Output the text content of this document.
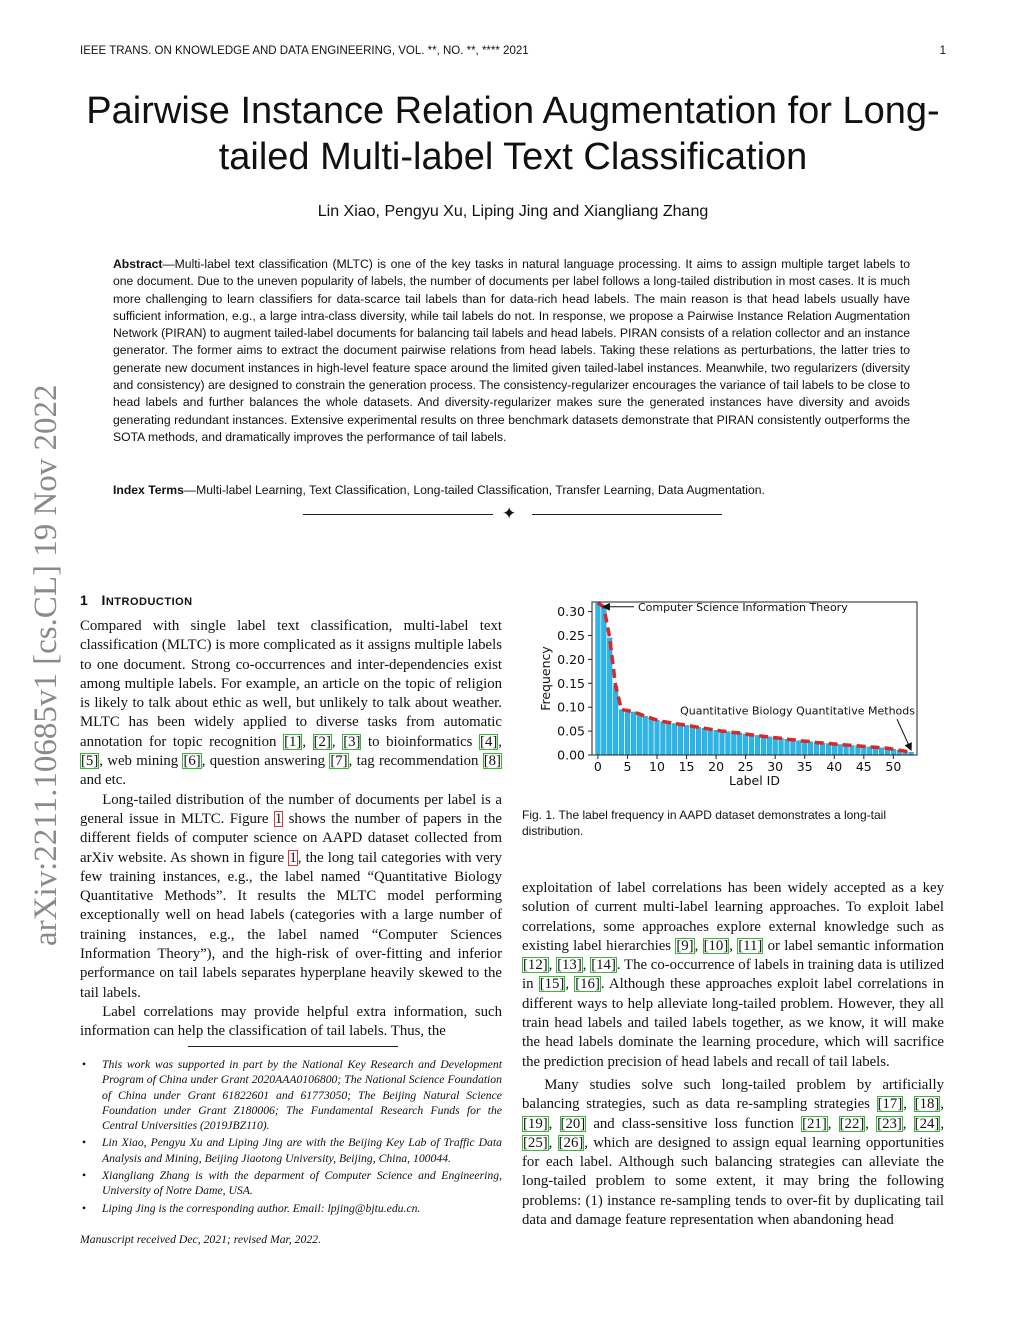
IEEE TRANS. ON KNOWLEDGE AND DATA ENGINEERING, VOL. **, NO. **, **** 2021	1
arXiv:2211.10685v1 [cs.CL] 19 Nov 2022
Pairwise Instance Relation Augmentation for Long-tailed Multi-label Text Classification
Lin Xiao, Pengyu Xu, Liping Jing and Xiangliang Zhang

Abstract—Multi-label text classification (MLTC) is one of the key tasks in natural language processing. It aims to assign multiple target labels to one document. Due to the uneven popularity of labels, the number of documents per label follows a long-tailed distribution in most cases. It is much more challenging to learn classifiers for data-scarce tail labels than for data-rich head labels. The main reason is that head labels usually have sufficient information, e.g., a large intra-class diversity, while tail labels do not. In response, we propose a Pairwise Instance Relation Augmentation Network (PIRAN) to augment tailed-label documents for balancing tail labels and head labels. PIRAN consists of a relation collector and an instance generator. The former aims to extract the document pairwise relations from head labels. Taking these relations as perturbations, the latter tries to generate new document instances in high-level feature space around the limited given tailed-label instances. Meanwhile, two regularizers (diversity and consistency) are designed to constrain the generation process. The consistency-regularizer encourages the variance of tail labels to be close to head labels and further balances the whole datasets. And diversity-regularizer makes sure the generated instances have diversity and avoids generating redundant instances. Extensive experimental results on three benchmark datasets demonstrate that PIRAN consistently outperforms the SOTA methods, and dramatically improves the performance of tail labels.

Index Terms—Multi-label Learning, Text Classification, Long-tailed Classification, Transfer Learning, Data Augmentation.

✦
1 INTRODUCTION

Compared with single label text classification, multi-label text classification (MLTC) is more complicated as it assigns multiple labels to one document. Strong co-occurrences and inter-dependencies exist among multiple labels. For example, an article on the topic of religion is likely to talk about ethic as well, but unlikely to talk about weather. MLTC has been widely applied to diverse tasks from automatic annotation for topic recognition [1], [2], [3] to bioinformatics [4], [5], web mining [6], question answering [7], tag recommendation [8] and etc.

Long-tailed distribution of the number of documents per label is a general issue in MLTC. Figure 1 shows the number of papers in the different fields of computer science on AAPD dataset collected from arXiv website. As shown in figure 1, the long tail categories with very few training instances, e.g., the label named “Quantitative Biology Quantitative Methods”. It results the MLTC model performing exceptionally well on head labels (categories with a large number of training instances, e.g., the label named “Computer Sciences Information Theory”), and the high-risk of over-fitting and inferior performance on tail labels separates hyperplane heavily skewed to the tail labels.

Label correlations may provide helpful extra information, such information can help the classification of tail labels. Thus, the

• This work was supported in part by the National Key Research and Development Program of China under Grant 2020AAA0106800; The National Science Foundation of China under Grant 61822601 and 61773050; The Beijing Natural Science Foundation under Grant Z180006; The Fundamental Research Funds for the Central Universities (2019JBZ110).
• Lin Xiao, Pengyu Xu and Liping Jing are with the Beijing Key Lab of Traffic Data Analysis and Mining, Beijing Jiaotong University, Beijing, China, 100044.
• Xiangliang Zhang is with the deparment of Computer Science and Engineering, University of Notre Dame, USA.
• Liping Jing is the corresponding author. Email: lpjing@bjtu.edu.cn.
Manuscript received Dec, 2021; revised Mar, 2022.
0.00
0.05
0.10
0.15
0.20
0.25
0.30
0 5 10 15 20 25 30 35 40 45 50
Label ID
Frequency
Computer Science Information Theory
Quantitative Biology Quantitative Methods

Fig. 1. The label frequency in AAPD dataset demonstrates a long-tail distribution.

exploitation of label correlations has been widely accepted as a key solution of current multi-label learning approaches. To exploit label correlations, some approaches explore external knowledge such as existing label hierarchies [9], [10], [11] or label semantic information [12], [13], [14]. The co-occurrence of labels in training data is utilized in [15], [16]. Although these approaches exploit label correlations in different ways to help alleviate long-tailed problem. However, they all train head labels and tailed labels together, as we know, it will make the head labels dominate the learning procedure, which will sacrifice the prediction precision of head labels and recall of tail labels.

Many studies solve such long-tailed problem by artificially balancing strategies, such as data re-sampling strategies [17], [18], [19], [20] and class-sensitive loss function [21], [22], [23], [24], [25], [26], which are designed to assign equal learning opportunities for each label. Although such balancing strategies can alleviate the long-tailed problem to some extent, it may bring the following problems: (1) instance re-sampling tends to over-fit by duplicating tail data and damage feature representation when abandoning head
